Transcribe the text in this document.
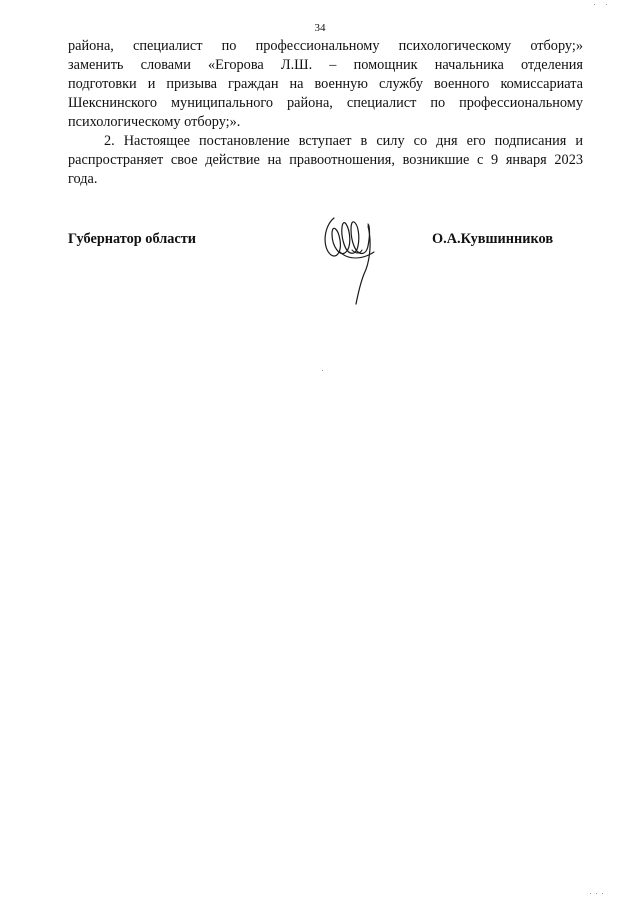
34

района, специалист по профессиональному психологическому отбору;»
заменить словами «Егорова Л.Ш. – помощник начальника отделения
подготовки и призыва граждан на военную службу военного комиссариата
Шекснинского муниципального района, специалист по профессиональному
психологическому отбору;».

2. Настоящее постановление вступает в силу со дня его подписания и
распространяет свое действие на правоотношения, возникшие с 9 января 2023
года.

Губернатор области	О.А.Кувшинников
